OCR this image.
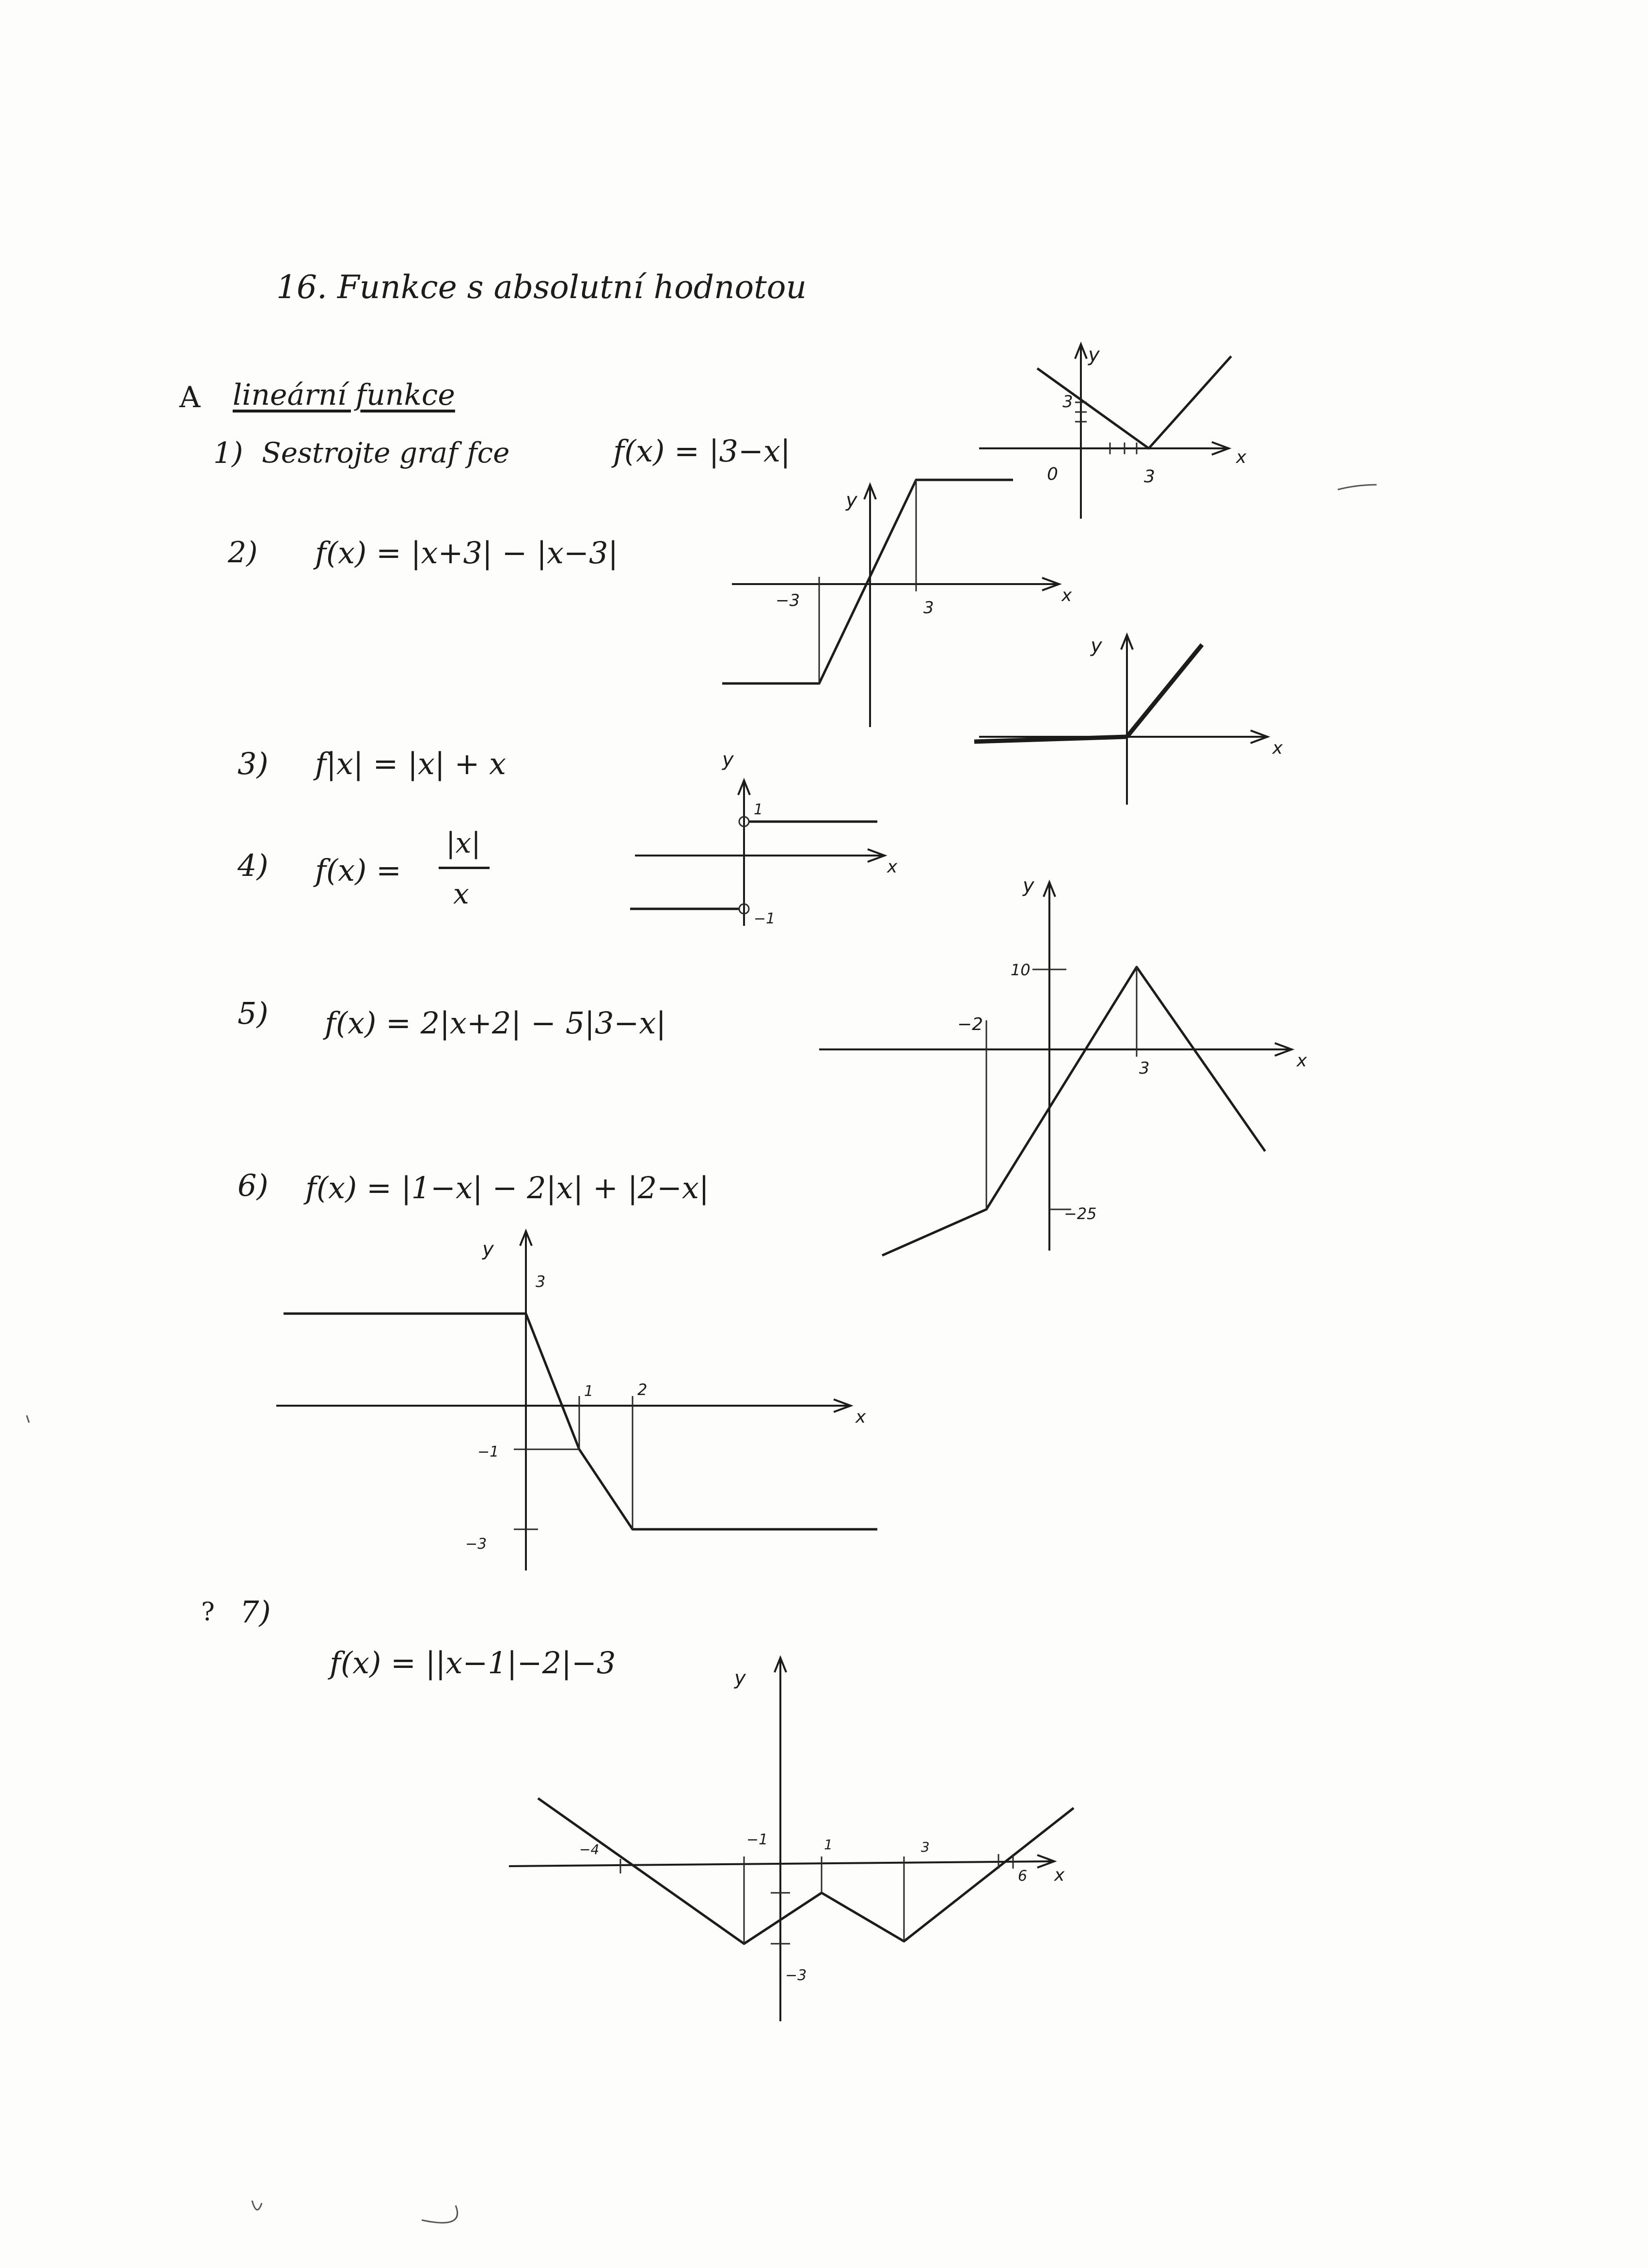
16. Funkce s absolutní hodnotou
A lineární funkce
1) Sestrojte graf fce	f(x) = |3−x|
y
x
3
0	3
2) f(x) = |x+3| − |x−3|
y
x
−3	3
3) f|x| = |x| + x
y
x
4) f(x) =
|x|
x
y
x
1
−1
5) f(x) = 2|x+2| − 5|3−x|
y
x
10
−2
3
−25
6) f(x) = |1−x| − 2|x| + |2−x|
y
x
3
1	2
−1
−3
? 7)
f(x) = ||x−1|−2|−3	y
x
−4
−1	1	3
6
−3
